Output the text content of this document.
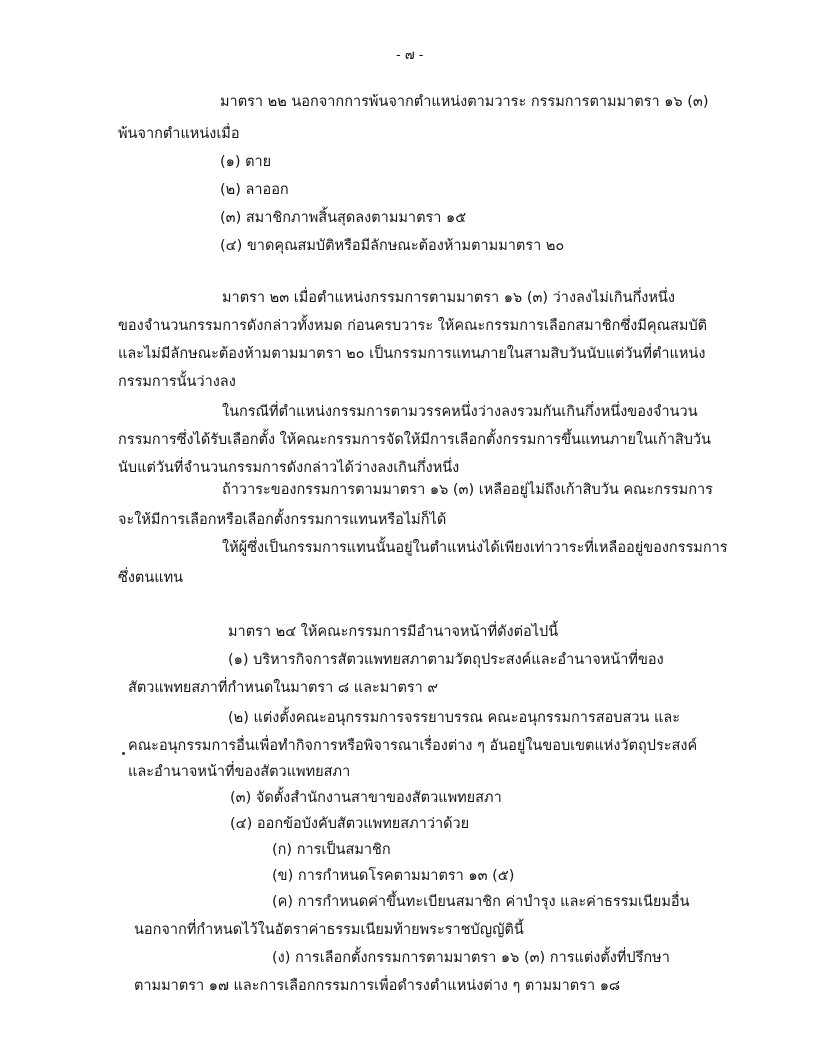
- ๗ -
มาตรา ๒๒ นอกจากการพ้นจากตำแหน่งตามวาระ กรรมการตามมาตรา ๑๖ (๓)
พ้นจากตำแหน่งเมื่อ
(๑) ตาย
(๒) ลาออก
(๓) สมาชิกภาพสิ้นสุดลงตามมาตรา ๑๕
(๔) ขาดคุณสมบัติหรือมีลักษณะต้องห้ามตามมาตรา ๒๐
มาตรา ๒๓ เมื่อตำแหน่งกรรมการตามมาตรา ๑๖ (๓) ว่างลงไม่เกินกึ่งหนึ่ง
ของจำนวนกรรมการดังกล่าวทั้งหมด ก่อนครบวาระ ให้คณะกรรมการเลือกสมาชิกซึ่งมีคุณสมบัติ
และไม่มีลักษณะต้องห้ามตามมาตรา ๒๐ เป็นกรรมการแทนภายในสามสิบวันนับแต่วันที่ตำแหน่ง
กรรมการนั้นว่างลง
ในกรณีที่ตำแหน่งกรรมการตามวรรคหนึ่งว่างลงรวมกันเกินกึ่งหนึ่งของจำนวน
กรรมการซึ่งได้รับเลือกตั้ง ให้คณะกรรมการจัดให้มีการเลือกตั้งกรรมการขึ้นแทนภายในเก้าสิบวัน
นับแต่วันที่จำนวนกรรมการดังกล่าวได้ว่างลงเกินกึ่งหนึ่ง
ถ้าวาระของกรรมการตามมาตรา ๑๖ (๓) เหลืออยู่ไม่ถึงเก้าสิบวัน คณะกรรมการ
จะให้มีการเลือกหรือเลือกตั้งกรรมการแทนหรือไม่ก็ได้
ให้ผู้ซึ่งเป็นกรรมการแทนนั้นอยู่ในตำแหน่งได้เพียงเท่าวาระที่เหลืออยู่ของกรรมการ
ซึ่งตนแทน
มาตรา ๒๔ ให้คณะกรรมการมีอำนาจหน้าที่ดังต่อไปนี้
(๑) บริหารกิจการสัตวแพทยสภาตามวัตถุประสงค์และอำนาจหน้าที่ของ
สัตวแพทยสภาที่กำหนดในมาตรา ๘ และมาตรา ๙
(๒) แต่งตั้งคณะอนุกรรมการจรรยาบรรณ คณะอนุกรรมการสอบสวน และ
คณะอนุกรรมการอื่นเพื่อทำกิจการหรือพิจารณาเรื่องต่าง ๆ อันอยู่ในขอบเขตแห่งวัตถุประสงค์
และอำนาจหน้าที่ของสัตวแพทยสภา
(๓) จัดตั้งสำนักงานสาขาของสัตวแพทยสภา
(๔) ออกข้อบังคับสัตวแพทยสภาว่าด้วย
(ก) การเป็นสมาชิก
(ข) การกำหนดโรคตามมาตรา ๑๓ (๕)
(ค) การกำหนดค่าขึ้นทะเบียนสมาชิก ค่าบำรุง และค่าธรรมเนียมอื่น
นอกจากที่กำหนดไว้ในอัตราค่าธรรมเนียมท้ายพระราชบัญญัตินี้
(ง) การเลือกตั้งกรรมการตามมาตรา ๑๖ (๓) การแต่งตั้งที่ปรึกษา
ตามมาตรา ๑๗ และการเลือกกรรมการเพื่อดำรงตำแหน่งต่าง ๆ ตามมาตรา ๑๘
